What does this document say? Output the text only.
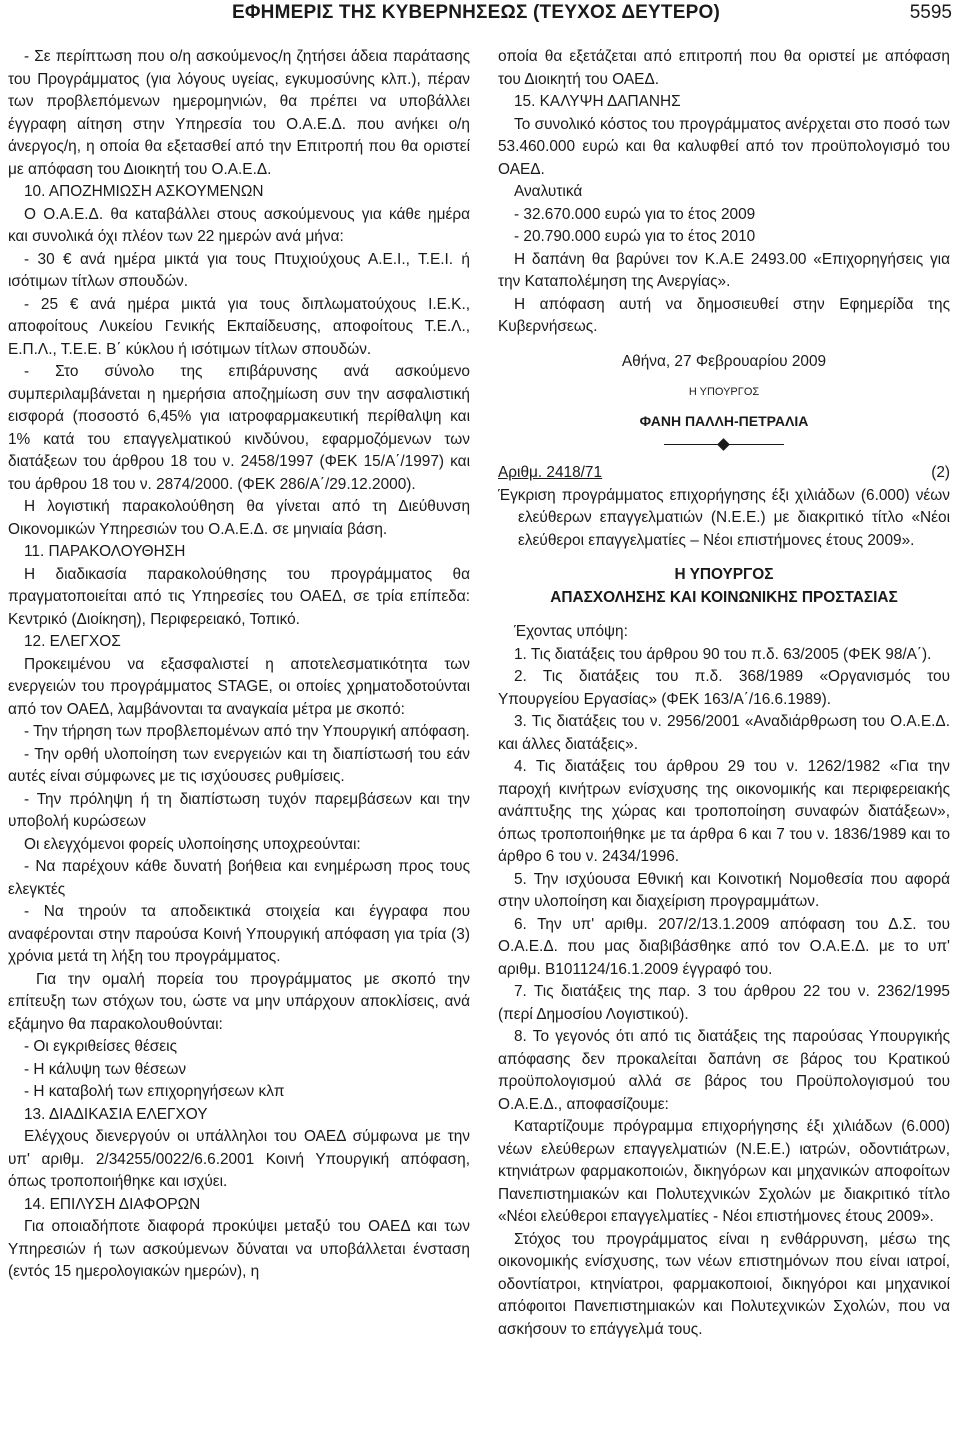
ΕΦΗΜΕΡΙΣ ΤΗΣ ΚΥΒΕΡΝΗΣΕΩΣ (ΤΕΥΧΟΣ ΔΕΥΤΕΡΟ)	5595

- Σε περίπτωση που ο/η ασκούμενος/η ζητήσει άδεια παράτασης του Προγράμματος (για λόγους υγείας, εγκυμοσύνης κλπ.), πέραν των προβλεπόμενων ημερομηνιών, θα πρέπει να υποβάλλει έγγραφη αίτηση στην Υπηρεσία του Ο.Α.Ε.Δ. που ανήκει ο/η άνεργος/η, η οποία θα εξετασθεί από την Επιτροπή που θα οριστεί με απόφαση του Διοικητή του Ο.Α.Ε.Δ.

10. ΑΠΟΖΗΜΙΩΣΗ ΑΣΚΟΥΜΕΝΩΝ

Ο Ο.Α.Ε.Δ. θα καταβάλλει στους ασκούμενους για κάθε ημέρα και συνολικά όχι πλέον των 22 ημερών ανά μήνα:

- 30 € ανά ημέρα μικτά για τους Πτυχιούχους Α.Ε.Ι., Τ.Ε.Ι. ή ισότιμων τίτλων σπουδών.

- 25 € ανά ημέρα μικτά για τους διπλωματούχους Ι.Ε.Κ., αποφοίτους Λυκείου Γενικής Εκπαίδευσης, αποφοίτους Τ.Ε.Λ., Ε.Π.Λ., Τ.Ε.Ε. Β΄ κύκλου ή ισότιμων τίτλων σπουδών.

- Στο σύνολο της επιβάρυνσης ανά ασκούμενο συμπεριλαμβάνεται η ημερήσια αποζημίωση συν την ασφαλιστική εισφορά (ποσοστό 6,45% για ιατροφαρμακευτική περίθαλψη και 1% κατά του επαγγελματικού κινδύνου, εφαρμοζόμενων των διατάξεων του άρθρου 18 του ν. 2458/1997 (ΦΕΚ 15/Α΄/1997) και του άρθρου 18 του ν. 2874/2000. (ΦΕΚ 286/Α΄/29.12.2000).

Η λογιστική παρακολούθηση θα γίνεται από τη Διεύθυνση Οικονομικών Υπηρεσιών του Ο.Α.Ε.Δ. σε μηνιαία βάση.

11. ΠΑΡΑΚΟΛΟΥΘΗΣΗ

Η διαδικασία παρακολούθησης του προγράμματος θα πραγματοποιείται από τις Υπηρεσίες του ΟΑΕΔ, σε τρία επίπεδα: Κεντρικό (Διοίκηση), Περιφερειακό, Τοπικό.

12. ΕΛΕΓΧΟΣ

Προκειμένου να εξασφαλιστεί η αποτελεσματικότητα των ενεργειών του προγράμματος STAGE, οι οποίες χρηματοδοτούνται από τον ΟΑΕΔ, λαμβάνονται τα αναγκαία μέτρα με σκοπό:

- Την τήρηση των προβλεπομένων από την Υπουργική απόφαση.

- Την ορθή υλοποίηση των ενεργειών και τη διαπίστωσή του εάν αυτές είναι σύμφωνες με τις ισχύουσες ρυθμίσεις.

- Την πρόληψη ή τη διαπίστωση τυχόν παρεμβάσεων και την υποβολή κυρώσεων

Οι ελεγχόμενοι φορείς υλοποίησης υποχρεούνται:

- Να παρέχουν κάθε δυνατή βοήθεια και ενημέρωση προς τους ελεγκτές

- Να τηρούν τα αποδεικτικά στοιχεία και έγγραφα που αναφέρονται στην παρούσα Κοινή Υπουργική απόφαση για τρία (3) χρόνια μετά τη λήξη του προγράμματος.

Για την ομαλή πορεία του προγράμματος με σκοπό την επίτευξη των στόχων του, ώστε να μην υπάρχουν αποκλίσεις, ανά εξάμηνο θα παρακολουθούνται:

- Οι εγκριθείσες θέσεις

- Η κάλυψη των θέσεων

- Η καταβολή των επιχορηγήσεων κλπ

13. ΔΙΑΔΙΚΑΣΙΑ ΕΛΕΓΧΟΥ

Ελέγχους διενεργούν οι υπάλληλοι του ΟΑΕΔ σύμφωνα με την υπ' αριθμ. 2/34255/0022/6.6.2001 Κοινή Υπουργική απόφαση, όπως τροποποιήθηκε και ισχύει.

14. ΕΠΙΛΥΣΗ ΔΙΑΦΟΡΩΝ

Για οποιαδήποτε διαφορά προκύψει μεταξύ του ΟΑΕΔ και των Υπηρεσιών ή των ασκούμενων δύναται να υποβάλλεται ένσταση (εντός 15 ημερολογιακών ημερών), η

οποία θα εξετάζεται από επιτροπή που θα οριστεί με απόφαση του Διοικητή του ΟΑΕΔ.

15. ΚΑΛΥΨΗ ΔΑΠΑΝΗΣ

Το συνολικό κόστος του προγράμματος ανέρχεται στο ποσό των 53.460.000 ευρώ και θα καλυφθεί από τον προϋπολογισμό του ΟΑΕΔ.

Αναλυτικά

- 32.670.000 ευρώ για το έτος 2009

- 20.790.000 ευρώ για το έτος 2010

Η δαπάνη θα βαρύνει τον Κ.Α.Ε 2493.00 «Επιχορηγήσεις για την Καταπολέμηση της Ανεργίας».

Η απόφαση αυτή να δημοσιευθεί στην Εφημερίδα της Κυβερνήσεως.

Αθήνα, 27 Φεβρουαρίου 2009

Η ΥΠΟΥΡΓΟΣ

ΦΑΝΗ ΠΑΛΛΗ-ΠΕΤΡΑΛΙΑ

Αριθμ. 2418/71	(2)

Έγκριση προγράμματος επιχορήγησης έξι χιλιάδων (6.000) νέων ελεύθερων επαγγελματιών (Ν.Ε.Ε.) με διακριτικό τίτλο «Νέοι ελεύθεροι επαγγελματίες – Νέοι επιστήμονες έτους 2009».

Η ΥΠΟΥΡΓΟΣ

ΑΠΑΣΧΟΛΗΣΗΣ ΚΑΙ ΚΟΙΝΩΝΙΚΗΣ ΠΡΟΣΤΑΣΙΑΣ

Έχοντας υπόψη:

1. Τις διατάξεις του άρθρου 90 του π.δ. 63/2005 (ΦΕΚ 98/Α΄).

2. Τις διατάξεις του π.δ. 368/1989 «Οργανισμός του Υπουργείου Εργασίας» (ΦΕΚ 163/Α΄/16.6.1989).

3. Τις διατάξεις του ν. 2956/2001 «Αναδιάρθρωση του Ο.Α.Ε.Δ. και άλλες διατάξεις».

4. Τις διατάξεις του άρθρου 29 του ν. 1262/1982 «Για την παροχή κινήτρων ενίσχυσης της οικονομικής και περιφερειακής ανάπτυξης της χώρας και τροποποίηση συναφών διατάξεων», όπως τροποποιήθηκε με τα άρθρα 6 και 7 του ν. 1836/1989 και το άρθρο 6 του ν. 2434/1996.

5. Την ισχύουσα Εθνική και Κοινοτική Νομοθεσία που αφορά στην υλοποίηση και διαχείριση προγραμμάτων.

6. Την υπ' αριθμ. 207/2/13.1.2009 απόφαση του Δ.Σ. του Ο.Α.Ε.Δ. που μας διαβιβάσθηκε από τον Ο.Α.Ε.Δ. με το υπ' αριθμ. Β101124/16.1.2009 έγγραφό του.

7. Τις διατάξεις της παρ. 3 του άρθρου 22 του ν. 2362/1995 (περί Δημοσίου Λογιστικού).

8. Το γεγονός ότι από τις διατάξεις της παρούσας Υπουργικής απόφασης δεν προκαλείται δαπάνη σε βάρος του Κρατικού προϋπολογισμού αλλά σε βάρος του Προϋπολογισμού του Ο.Α.Ε.Δ., αποφασίζουμε:

Καταρτίζουμε πρόγραμμα επιχορήγησης έξι χιλιάδων (6.000) νέων ελεύθερων επαγγελματιών (Ν.Ε.Ε.) ιατρών, οδοντιάτρων, κτηνιάτρων φαρμακοποιών, δικηγόρων και μηχανικών αποφοίτων Πανεπιστημιακών και Πολυτεχνικών Σχολών με διακριτικό τίτλο «Νέοι ελεύθεροι επαγγελματίες - Νέοι επιστήμονες έτους 2009».

Στόχος του προγράμματος είναι η ενθάρρυνση, μέσω της οικονομικής ενίσχυσης, των νέων επιστημόνων που είναι ιατροί, οδοντίατροι, κτηνίατροι, φαρμακοποιοί, δικηγόροι και μηχανικοί απόφοιτοι Πανεπιστημιακών και Πολυτεχνικών Σχολών, που να ασκήσουν το επάγγελμά τους.
